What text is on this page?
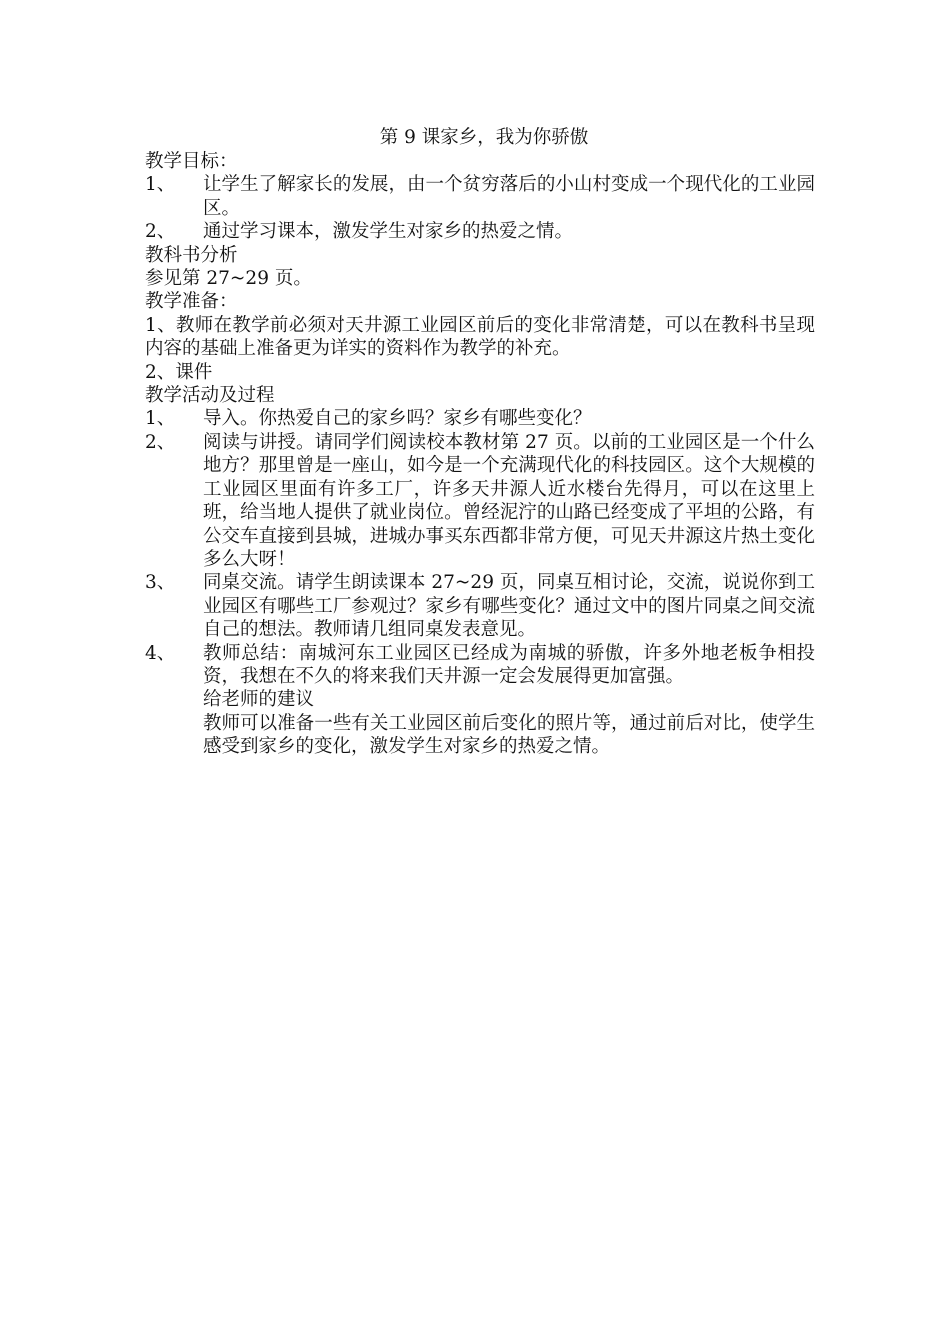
第 9 课家乡，我为你骄傲

教学目标：

1、 让学生了解家长的发展，由一个贫穷落后的小山村变成一个现代化的工业园区。
2、 通过学习课本，激发学生对家乡的热爱之情。

教科书分析

参见第 27~29 页。

教学准备：

1、教师在教学前必须对天井源工业园区前后的变化非常清楚，可以在教科书呈现内容的基础上准备更为详实的资料作为教学的补充。

2、课件

教学活动及过程

1、 导入。你热爱自己的家乡吗？家乡有哪些变化？
2、 阅读与讲授。请同学们阅读校本教材第 27 页。以前的工业园区是一个什么地方？那里曾是一座山，如今是一个充满现代化的科技园区。这个大规模的工业园区里面有许多工厂，许多天井源人近水楼台先得月，可以在这里上班，给当地人提供了就业岗位。曾经泥泞的山路已经变成了平坦的公路，有公交车直接到县城，进城办事买东西都非常方便，可见天井源这片热土变化多么大呀！
3、 同桌交流。请学生朗读课本 27~29 页，同桌互相讨论，交流，说说你到工业园区有哪些工厂参观过？家乡有哪些变化？通过文中的图片同桌之间交流自己的想法。教师请几组同桌发表意见。
4、 教师总结：南城河东工业园区已经成为南城的骄傲，许多外地老板争相投资，我想在不久的将来我们天井源一定会发展得更加富强。

给老师的建议

教师可以准备一些有关工业园区前后变化的照片等，通过前后对比，使学生感受到家乡的变化，激发学生对家乡的热爱之情。
